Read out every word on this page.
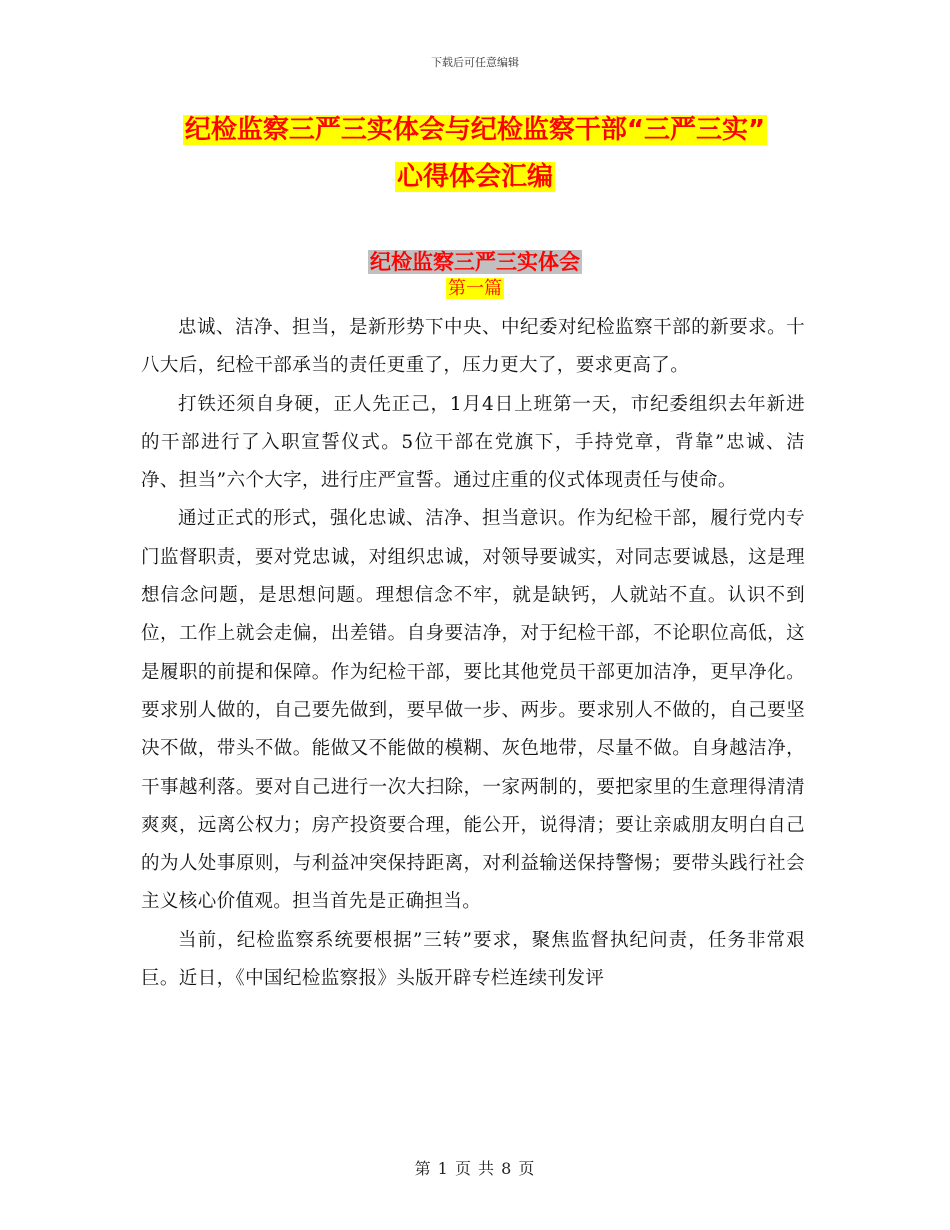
下载后可任意编辑
纪检监察三严三实体会与纪检监察干部“三严三实”
心得体会汇编
纪检监察三严三实体会
第一篇

忠诚、洁净、担当，是新形势下中央、中纪委对纪检监察干部的新要求。十八大后，纪检干部承当的责任更重了，压力更大了，要求更高了。

打铁还须自身硬，正人先正己，1月4日上班第一天，市纪委组织去年新进的干部进行了入职宣誓仪式。5位干部在党旗下，手持党章，背靠”忠诚、洁净、担当”六个大字，进行庄严宣誓。通过庄重的仪式体现责任与使命。

通过正式的形式，强化忠诚、洁净、担当意识。作为纪检干部，履行党内专门监督职责，要对党忠诚，对组织忠诚，对领导要诚实，对同志要诚恳，这是理想信念问题，是思想问题。理想信念不牢，就是缺钙，人就站不直。认识不到位，工作上就会走偏，出差错。自身要洁净，对于纪检干部，不论职位高低，这是履职的前提和保障。作为纪检干部，要比其他党员干部更加洁净，更早净化。要求别人做的，自己要先做到，要早做一步、两步。要求别人不做的，自己要坚决不做，带头不做。能做又不能做的模糊、灰色地带，尽量不做。自身越洁净，干事越利落。要对自己进行一次大扫除，一家两制的，要把家里的生意理得清清爽爽，远离公权力；房产投资要合理，能公开，说得清；要让亲戚朋友明白自己的为人处事原则，与利益冲突保持距离，对利益输送保持警惕；要带头践行社会主义核心价值观。担当首先是正确担当。

当前，纪检监察系统要根据”三转”要求，聚焦监督执纪问责，任务非常艰巨。近日，《中国纪检监察报》头版开辟专栏连续刊发评

第 1 页 共 8 页
